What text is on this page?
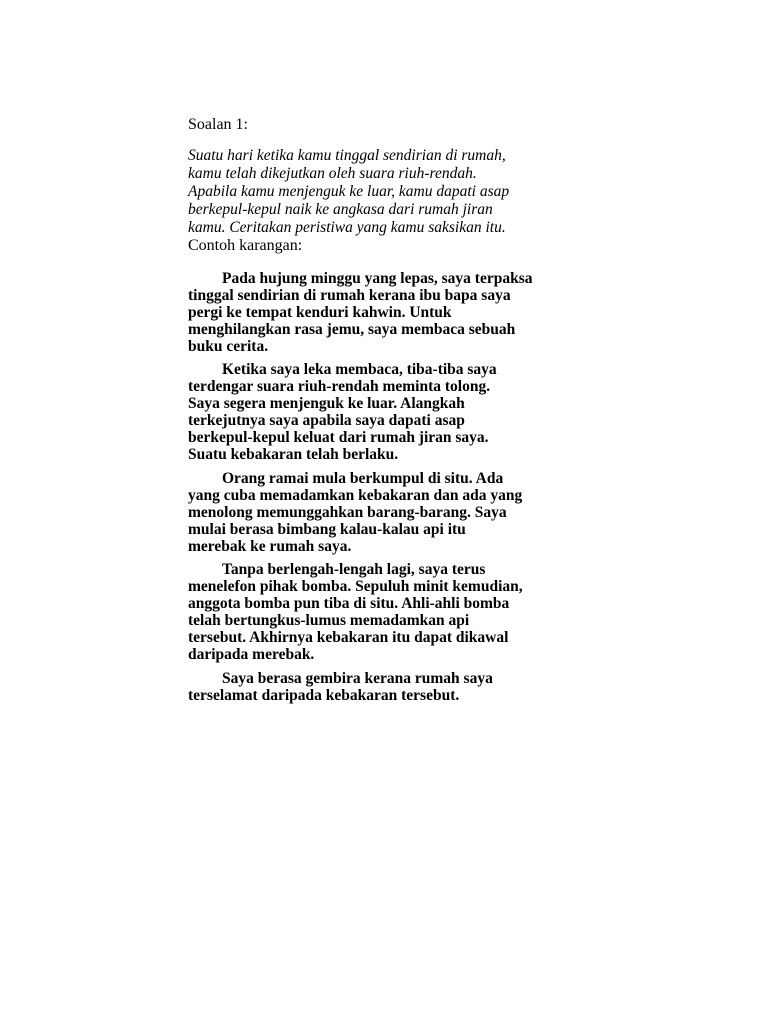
Soalan 1:
Suatu hari ketika kamu tinggal sendirian di rumah,
kamu telah dikejutkan oleh suara riuh-rendah.
Apabila kamu menjenguk ke luar, kamu dapati asap
berkepul-kepul naik ke angkasa dari rumah jiran
kamu. Ceritakan peristiwa yang kamu saksikan itu.
Contoh karangan:
Pada hujung minggu yang lepas, saya terpaksa
tinggal sendirian di rumah kerana ibu bapa saya
pergi ke tempat kenduri kahwin. Untuk
menghilangkan rasa jemu, saya membaca sebuah
buku cerita.
Ketika saya leka membaca, tiba-tiba saya
terdengar suara riuh-rendah meminta tolong.
Saya segera menjenguk ke luar. Alangkah
terkejutnya saya apabila saya dapati asap
berkepul-kepul keluat dari rumah jiran saya.
Suatu kebakaran telah berlaku.
Orang ramai mula berkumpul di situ. Ada
yang cuba memadamkan kebakaran dan ada yang
menolong memunggahkan barang-barang. Saya
mulai berasa bimbang kalau-kalau api itu
merebak ke rumah saya.
Tanpa berlengah-lengah lagi, saya terus
menelefon pihak bomba. Sepuluh minit kemudian,
anggota bomba pun tiba di situ. Ahli-ahli bomba
telah bertungkus-lumus memadamkan api
tersebut. Akhirnya kebakaran itu dapat dikawal
daripada merebak.
Saya berasa gembira kerana rumah saya
terselamat daripada kebakaran tersebut.
